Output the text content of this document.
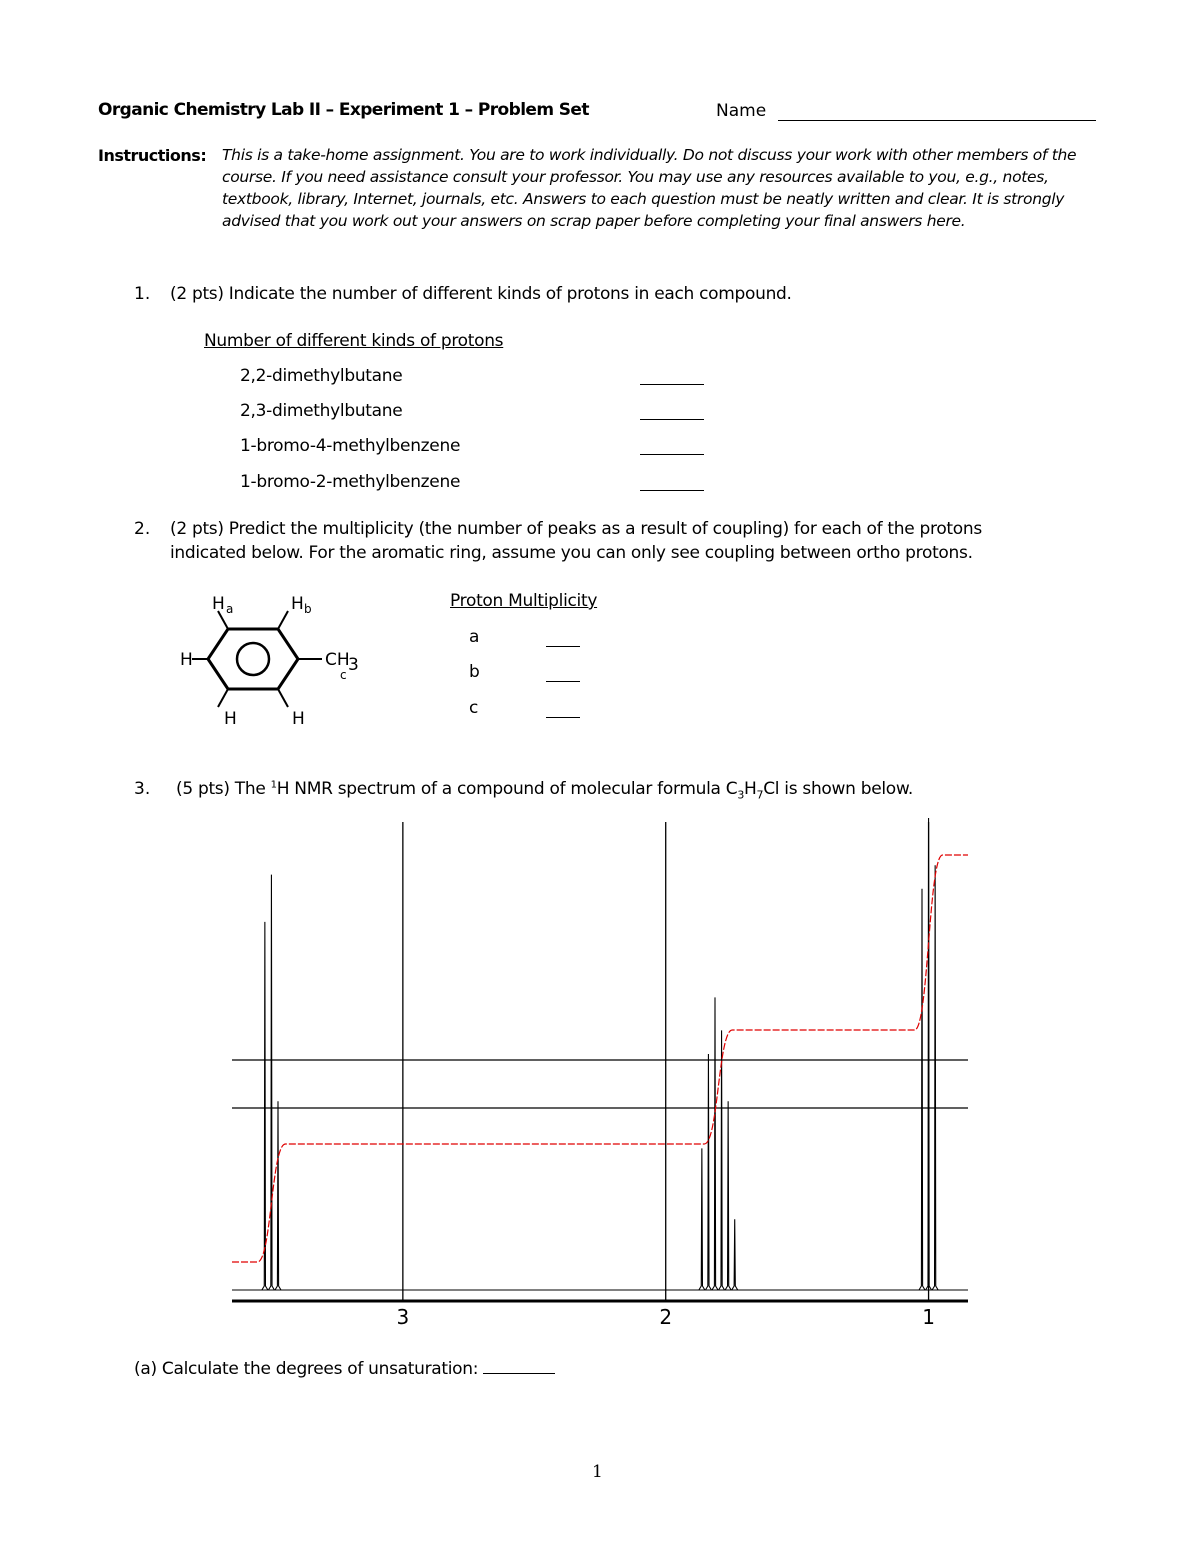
Organic Chemistry Lab II – Experiment 1 – Problem Set	Name
Instructions: This is a take-home assignment. You are to work individually. Do not discuss your work with other members of the course. If you need assistance consult your professor. You may use any resources available to you, e.g., notes, textbook, library, Internet, journals, etc. Answers to each question must be neatly written and clear. It is strongly advised that you work out your answers on scrap paper before completing your final answers here.
1. (2 pts) Indicate the number of different kinds of protons in each compound.
Number of different kinds of protons
2,2-dimethylbutane
2,3-dimethylbutane
1-bromo-4-methylbenzene
1-bromo-2-methylbenzene
2. (2 pts) Predict the multiplicity (the number of peaks as a result of coupling) for each of the protons
indicated below. For the aromatic ring, assume you can only see coupling between ortho protons.
H a	H b
H	CH
3
c
H	H
Proton Multiplicity
a
b
c
3. (5 pts) The $^1$H NMR spectrum of a compound of molecular formula $C_3H_7Cl$ is shown below.
3	2	1
(a) Calculate the degrees of unsaturation:
1
